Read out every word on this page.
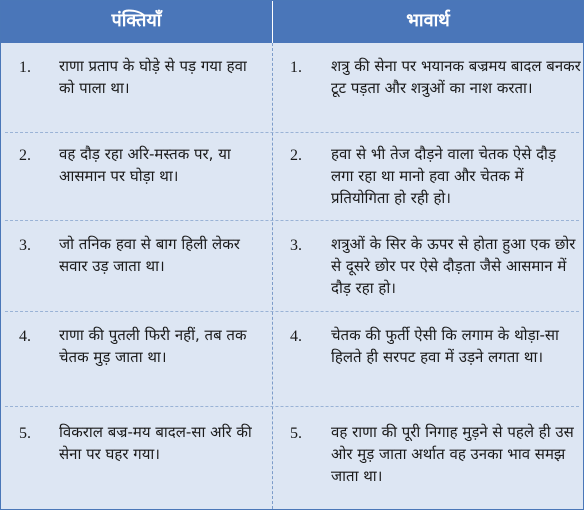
पंक्तियाँ	भावार्थ
1. राणा प्रताप के घोड़े से पड़ गया हवा को पाला था।
1. शत्रु की सेना पर भयानक बज्रमय बादल बनकर टूट पड़ता और शत्रुओं का नाश करता।
2. वह दौड़ रहा अरि-मस्तक पर, या आसमान पर घोड़ा था।
2. हवा से भी तेज दौड़ने वाला चेतक ऐसे दौड़ लगा रहा था मानो हवा और चेतक में प्रतियोगिता हो रही हो।
3. जो तनिक हवा से बाग हिली लेकर सवार उड़ जाता था।
3. शत्रुओं के सिर के ऊपर से होता हुआ एक छोर से दूसरे छोर पर ऐसे दौड़ता जैसे आसमान में दौड़ रहा हो।
4. राणा की पुतली फिरी नहीं, तब तक चेतक मुड़ जाता था।
4. चेतक की फुर्ती ऐसी कि लगाम के थोड़ा-सा हिलते ही सरपट हवा में उड़ने लगता था।
5. विकराल बज्र-मय बादल-सा अरि की सेना पर घहर गया।
5. वह राणा की पूरी निगाह मुड़ने से पहले ही उस ओर मुड़ जाता अर्थात वह उनका भाव समझ जाता था।
